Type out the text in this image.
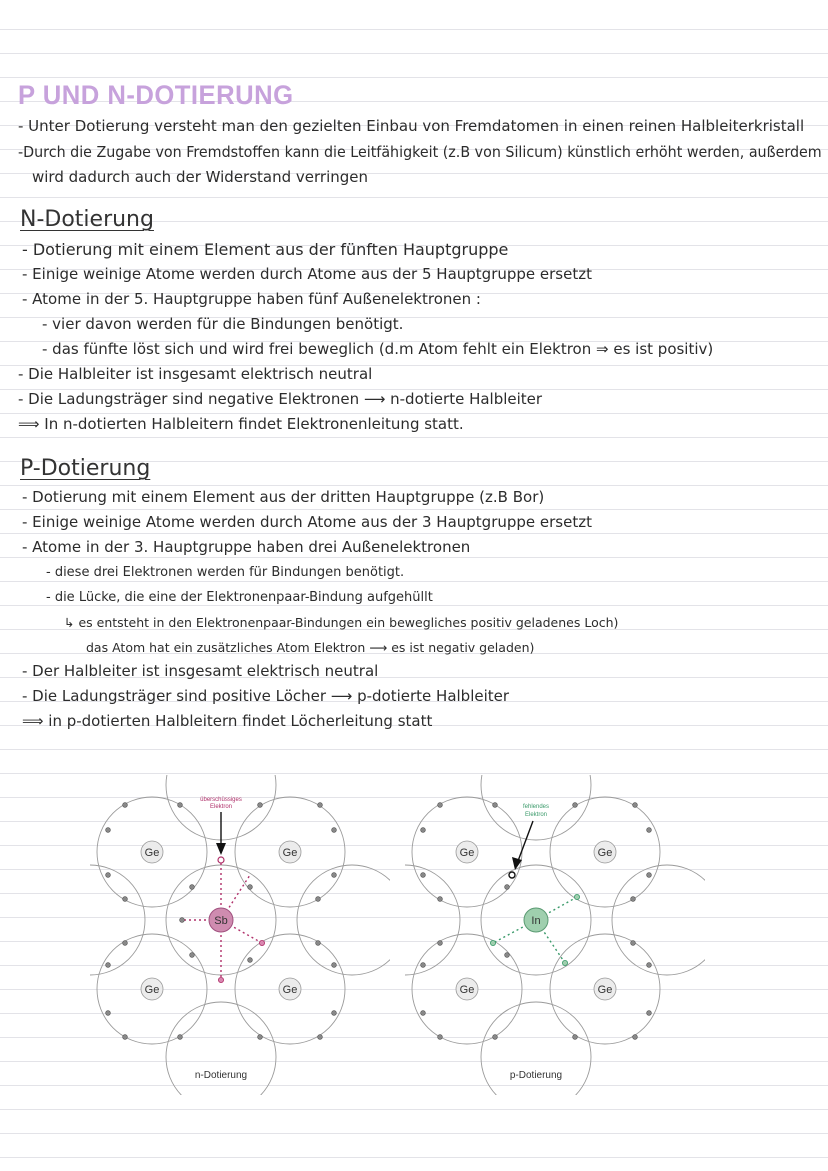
P UND N-DOTIERUNG
- Unter Dotierung versteht man den gezielten Einbau von Fremdatomen in einen reinen Halbleiterkristall
-Durch die Zugabe von Fremdstoffen kann die Leitfähigkeit (z.B von Silicum) künstlich erhöht werden, außerdem
wird dadurch auch der Widerstand verringen
N-Dotierung
- Dotierung mit einem Element aus der fünften Hauptgruppe
- Einige weinige Atome werden durch Atome aus der 5 Hauptgruppe ersetzt
- Atome in der 5. Hauptgruppe haben fünf Außenelektronen :
- vier davon werden für die Bindungen benötigt.
- das fünfte löst sich und wird frei beweglich (d.m Atom fehlt ein Elektron ⇒ es ist positiv)
- Die Halbleiter ist insgesamt elektrisch neutral
- Die Ladungsträger sind negative Elektronen ⟶ n-dotierte Halbleiter
⟹ In n-dotierten Halbleitern findet Elektronenleitung statt.
P-Dotierung
- Dotierung mit einem Element aus der dritten Hauptgruppe (z.B Bor)
- Einige weinige Atome werden durch Atome aus der 3 Hauptgruppe ersetzt
- Atome in der 3. Hauptgruppe haben drei Außenelektronen
- diese drei Elektronen werden für Bindungen benötigt.
- die Lücke, die eine der Elektronenpaar-Bindung aufgehüllt
↳ es entsteht in den Elektronenpaar-Bindungen ein bewegliches positiv geladenes Loch)
das Atom hat ein zusätzliches Atom Elektron ⟶ es ist negativ geladen)
- Der Halbleiter ist insgesamt elektrisch neutral
- Die Ladungsträger sind positive Löcher ⟶ p-dotierte Halbleiter
⟹ in p-dotierten Halbleitern findet Löcherleitung statt
Ge	Ge
Ge	Ge
Sb
überschüssiges
Elektron
n-Dotierung
Ge	Ge
Ge	Ge
In
fehlendes
Elektron
p-Dotierung
